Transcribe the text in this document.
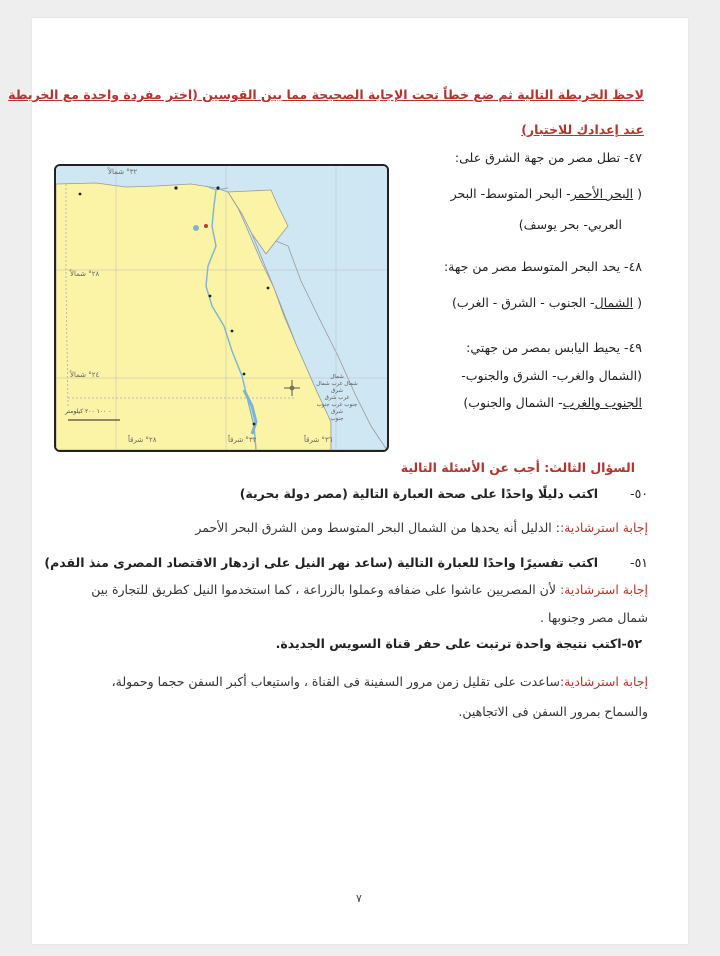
لاحظ الخريطة التالية ثم ضع خطاً تحت الإجابة الصحيحة مما بين القوسين (اختر مفردة واحدة مع الخريطة
عند إعدادك للاختبار)
٣٢° شمالاً
٢٨° شمالاً
٢٤° شمالاً
٢٨° شرقاً	٣٢° شرقاً	٣٦° شرقاً
٠ ١٠٠ ٢٠٠ كيلومتر
شمال
شمال غرب شمال شرق
غرب شرق
جنوب غرب جنوب شرق
جنوب
٤٧- تطل مصر من جهة الشرق على:
( البحر الأحمر- البحر المتوسط- البحر
العربي- بحر يوسف)
٤٨- يحد البحر المتوسط مصر من جهة:
( الشمال- الجنوب - الشرق - الغرب)
٤٩- يحيط اليابس بمصر من جهتي:
(الشمال والغرب- الشرق والجنوب-
الجنوب والغرب- الشمال والجنوب)
السؤال الثالث: أجب عن الأسئلة التالية
٥٠-
اكتب دليلًا واحدًا على صحة العبارة التالية (مصر دولة بحرية)
إجابة استرشادية:: الدليل أنه يحدها من الشمال البحر المتوسط ومن الشرق البحر الأحمر
٥١-
اكتب تفسيرًا واحدًا للعبارة التالية (ساعد نهر النيل على ازدهار الاقتصاد المصرى منذ القدم)
إجابة استرشادية: لأن المصريين عاشوا على ضفافه وعملوا بالزراعة ، كما استخدموا النيل كطريق للتجارة بين
شمال مصر وجنوبها .
٥٢-اكتب نتيجة واحدة ترتبت على حفر قناة السويس الجديدة.
إجابة استرشادية:ساعدت على تقليل زمن مرور السفينة فى القناة ، واستيعاب أكبر السفن حجما وحمولة،
والسماح بمرور السفن فى الاتجاهين.
٧
